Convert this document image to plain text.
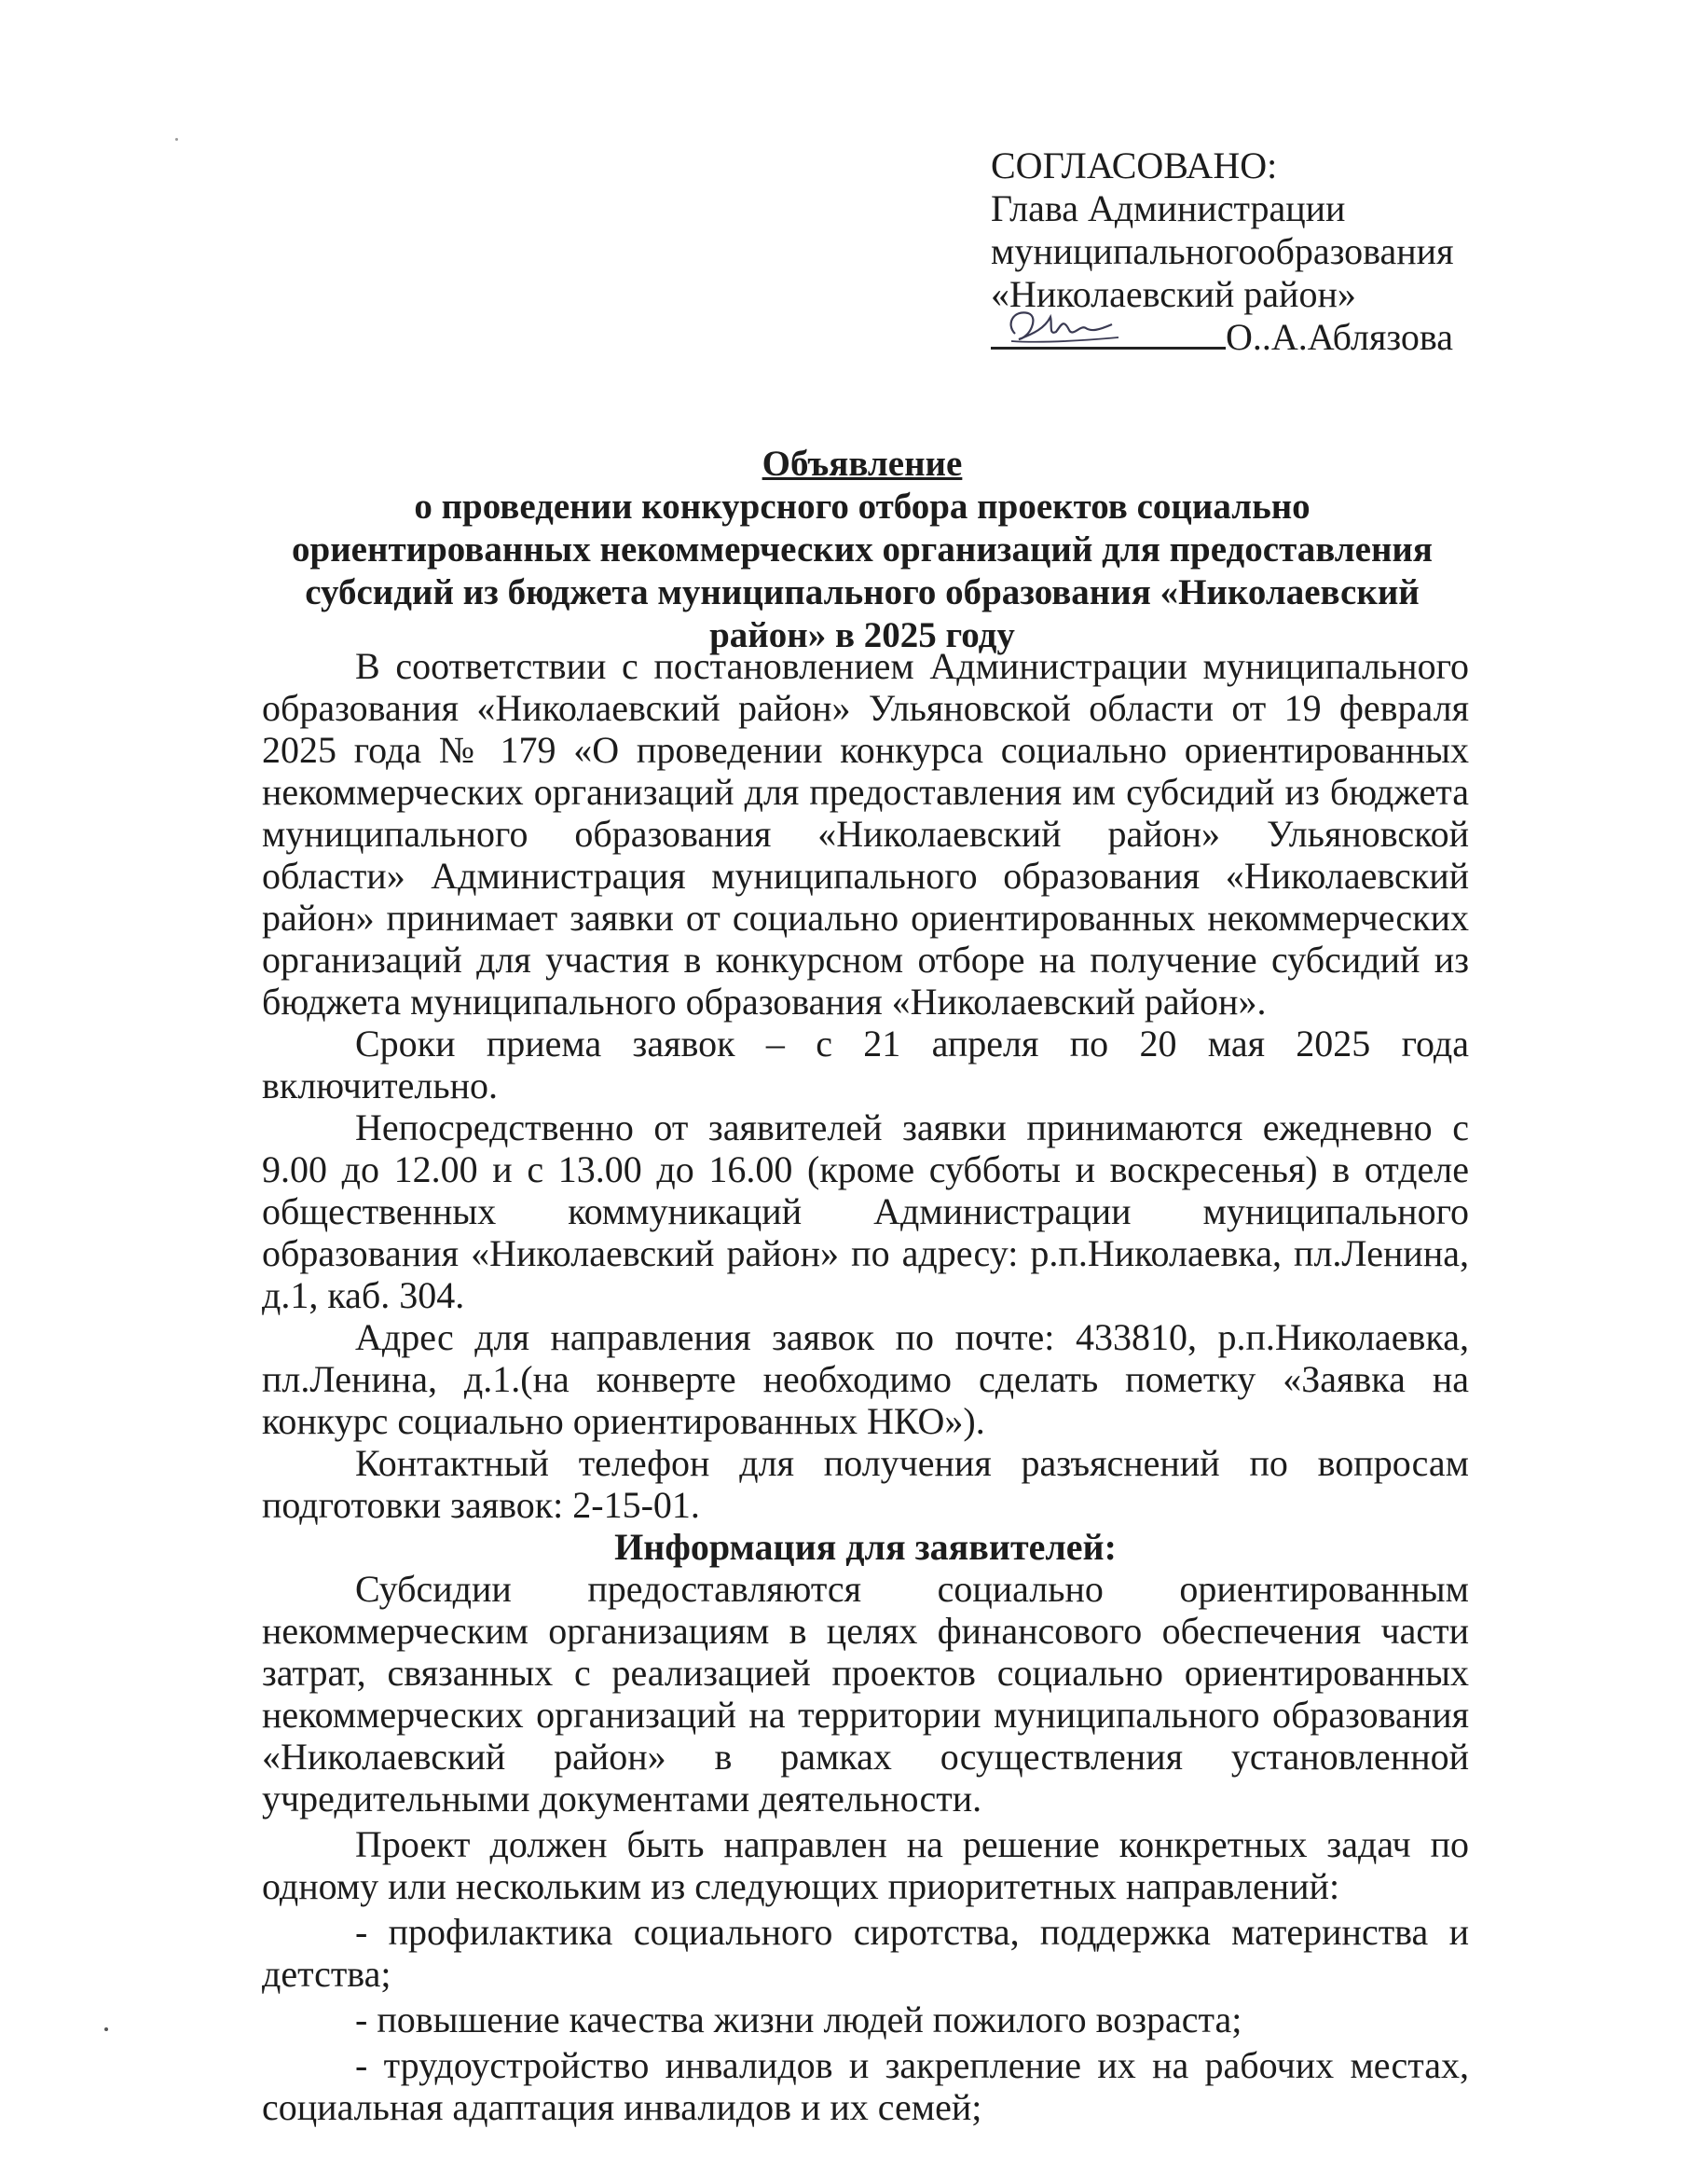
СОГЛАСОВАНО:
Глава Администрации
муниципальногообразования
«Николаевский район»
О..А.Аблязова
Объявление
о проведении конкурсного отбора проектов социально ориентированных некоммерческих организаций для предоставления субсидий из бюджета муниципального образования «Николаевский район» в 2025 году

В соответствии с постановлением Администрации муниципального образования «Николаевский район» Ульяновской области от 19 февраля 2025 года № 179 «О проведении конкурса социально ориентированных некоммерческих организаций для предоставления им субсидий из бюджета муниципального образования «Николаевский район» Ульяновской области» Администрация муниципального образования «Николаевский район» принимает заявки от социально ориентированных некоммерческих организаций для участия в конкурсном отборе на получение субсидий из бюджета муниципального образования «Николаевский район».

Сроки приема заявок – с 21 апреля по 20 мая 2025 года включительно.

Непосредственно от заявителей заявки принимаются ежедневно с 9.00 до 12.00 и с 13.00 до 16.00 (кроме субботы и воскресенья) в отделе общественных коммуникаций Администрации муниципального образования «Николаевский район» по адресу: р.п.Николаевка, пл.Ленина, д.1, каб. 304.

Адрес для направления заявок по почте: 433810, р.п.Николаевка, пл.Ленина, д.1.(на конверте необходимо сделать пометку «Заявка на конкурс социально ориентированных НКО»).

Контактный телефон для получения разъяснений по вопросам подготовки заявок: 2-15-01.

Информация для заявителей:

Субсидии предоставляются социально ориентированным некоммерческим организациям в целях финансового обеспечения части затрат, связанных с реализацией проектов социально ориентированных некоммерческих организаций на территории муниципального образования «Николаевский район» в рамках осуществления установленной учредительными документами деятельности.

Проект должен быть направлен на решение конкретных задач по одному или нескольким из следующих приоритетных направлений:

- профилактика социального сиротства, поддержка материнства и детства;

- повышение качества жизни людей пожилого возраста;

- трудоустройство инвалидов и закрепление их на рабочих местах, социальная адаптация инвалидов и их семей;
